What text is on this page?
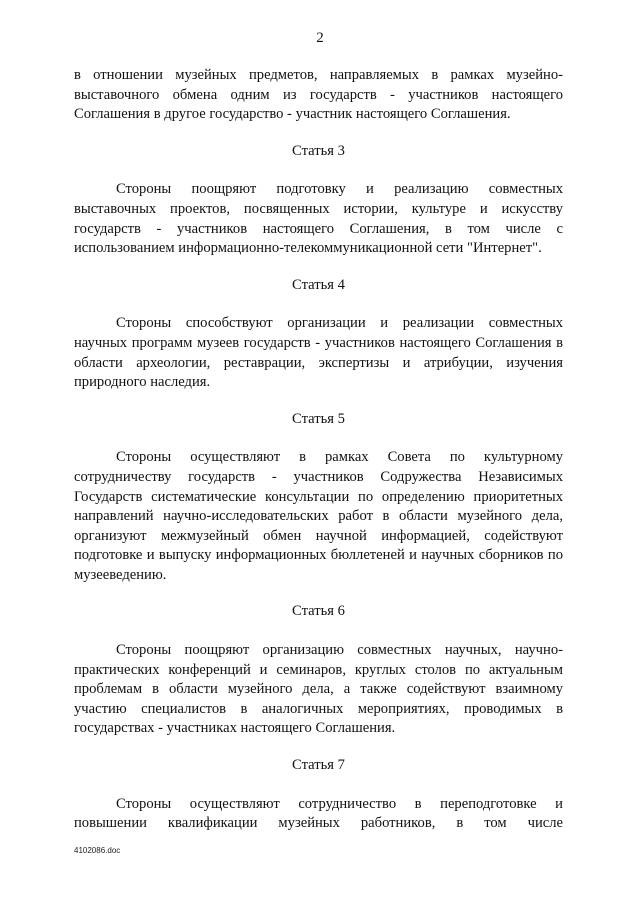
2

в отношении музейных предметов, направляемых в рамках музейно-выставочного обмена одним из государств - участников настоящего Соглашения в другое государство - участник настоящего Соглашения.

Статья 3

Стороны поощряют подготовку и реализацию совместных выставочных проектов, посвященных истории, культуре и искусству государств - участников настоящего Соглашения, в том числе с использованием информационно-телекоммуникационной сети "Интернет".

Статья 4

Стороны способствуют организации и реализации совместных научных программ музеев государств - участников настоящего Соглашения в области археологии, реставрации, экспертизы и атрибуции, изучения природного наследия.

Статья 5

Стороны осуществляют в рамках Совета по культурному сотрудничеству государств - участников Содружества Независимых Государств систематические консультации по определению приоритетных направлений научно-исследовательских работ в области музейного дела, организуют межмузейный обмен научной информацией, содействуют подготовке и выпуску информационных бюллетеней и научных сборников по музееведению.

Статья 6

Стороны поощряют организацию совместных научных, научно-практических конференций и семинаров, круглых столов по актуальным проблемам в области музейного дела, а также содействуют взаимному участию специалистов в аналогичных мероприятиях, проводимых в государствах - участниках настоящего Соглашения.

Статья 7

Стороны осуществляют сотрудничество в переподготовке и повышении квалификации музейных работников, в том числе

4102086.doc
